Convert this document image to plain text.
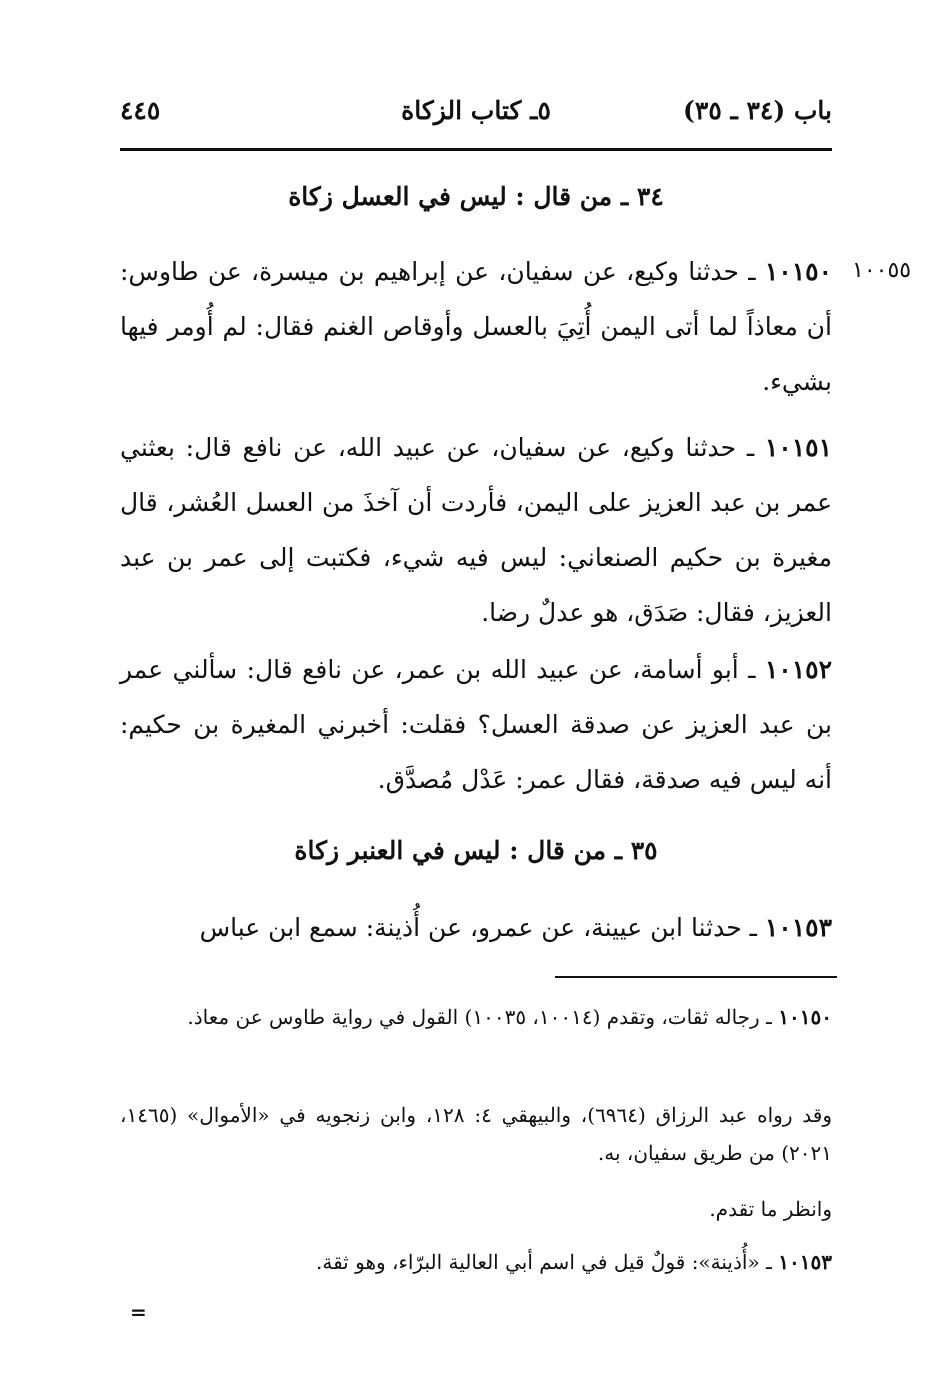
باب (٣٤ ـ ٣٥)
٥ـ كتاب الزكاة
٤٤٥
٣٤ ـ من قال : ليس في العسل زكاة
١٠٠٥٥

١٠١٥٠ ـ حدثنا وكيع، عن سفيان، عن إبراهيم بن ميسرة، عن طاوس: أن معاذاً لما أتى اليمن أُتِيَ بالعسل وأوقاص الغنم فقال: لم أُومر فيها بشيء.

١٠١٥١ ـ حدثنا وكيع، عن سفيان، عن عبيد الله، عن نافع قال: بعثني عمر بن عبد العزيز على اليمن، فأردت أن آخذَ من العسل العُشر، قال مغيرة بن حكيم الصنعاني: ليس فيه شيء، فكتبت إلى عمر بن عبد العزيز، فقال: صَدَق، هو عدلٌ رضا.

١٠١٥٢ ـ أبو أسامة، عن عبيد الله بن عمر، عن نافع قال: سألني عمر بن عبد العزيز عن صدقة العسل؟ فقلت: أخبرني المغيرة بن حكيم: أنه ليس فيه صدقة، فقال عمر: عَدْل مُصدَّق.

٣٥ ـ من قال : ليس في العنبر زكاة

١٠١٥٣ ـ حدثنا ابن عيينة، عن عمرو، عن أُذينة: سمع ابن عباس

١٠١٥٠ ـ رجاله ثقات، وتقدم (١٠٠١٤، ١٠٠٣٥) القول في رواية طاوس عن معاذ.

وقد رواه عبد الرزاق (٦٩٦٤)، والبيهقي ٤: ١٢٨، وابن زنجويه في «الأموال» (١٤٦٥، ٢٠٢١) من طريق سفيان، به.

وانظر ما تقدم.

١٠١٥٣ ـ «أُذينة»: قولٌ قيل في اسم أبي العالية البرّاء، وهو ثقة.

=
